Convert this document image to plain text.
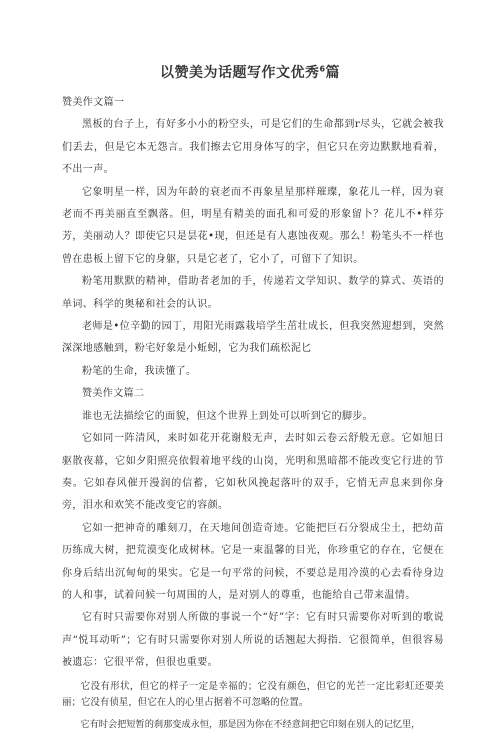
以赞美为话题写作文优秀$^6$篇

赞美作文篇一

黑板的台子上，有好多小小的粉空头，可是它们的生命都到r尽头，它就会被我们丢去，但是它本无怨言。我们擦去它用身体写的字，但它只在旁边默默地看着，不出一声。

它象明星一样，因为年龄的衰老而不再象星星那样璀璨，象花儿一样，因为衰老而不再美丽直至飘落。但，明星有精美的面孔和可爱的形象留卜？花儿不•样芬芳，美丽动人？即使它只是昙花•现，但还是有人惠蚀夜观。那么！粉笔头不一样也曾在患板上留下它的身躯，只是它老了，它小了，可留下了知识。

粉笔用默默的精神，借助者老加的手，传递若文学知识、数学的算式、英语的单词、科学的奥秘和社会的认识。

老师是•位辛勤的园丁，用阳光雨露栽培学生茁壮成长，但我突然迎想到，突然深深地感触到，粉宅好象是小蚯蚓，它为我们疏松泥匕

粉笔的生命，我读懂了。

赞美作文篇二

谁也无法描绘它的面貌，但这个世界上到处可以听到它的脚步。

它如同一阵清风，来时如花开花谢般无声，去时如云卷云舒般无意。它如旭日驱散夜幕，它如夕阳照亮依假着地平线的山岗，光明和黑暗都不能改变它行进的节奏。它如春风催开漫润的信蓄，它如秋风挽起落叶的双手，它悄无声息来到你身旁，泪水和欢笑不能改变它的容颜。

它如一把神奇的雕刻刀，在天地间创造奇迹。它能把巨石分裂成尘土，把幼苗历练成大树，把荒漠变化成树林。它是一束温馨的目光，你珍重它的存在，它便在你身后结出沉甸甸的果实。它是一句平常的问候，不要总是用冷漠的心去看待身边的人和事，试着问候一句周围的人，是对别人的尊重，也能给自己带来温情。

它有时只需要你对别人所做的事说一个“好”字：它有时只需要你对听到的歌说声“悦耳动听”；它有时只需要你对别人所说的话翘起大拇指．它很简单，但很容易被遗忘：它很平常，但很也重要。

它没有形状，但它的样子一定是幸福的；它没有颜色，但它的光芒一定比彩虹还要美丽；它没有侦星，但它在人的心里占据着不可忽略的位置。

它有时会把短暂的刹那变成永恒，那是因为你在不经意间把它印刻在别人的记忆里，
